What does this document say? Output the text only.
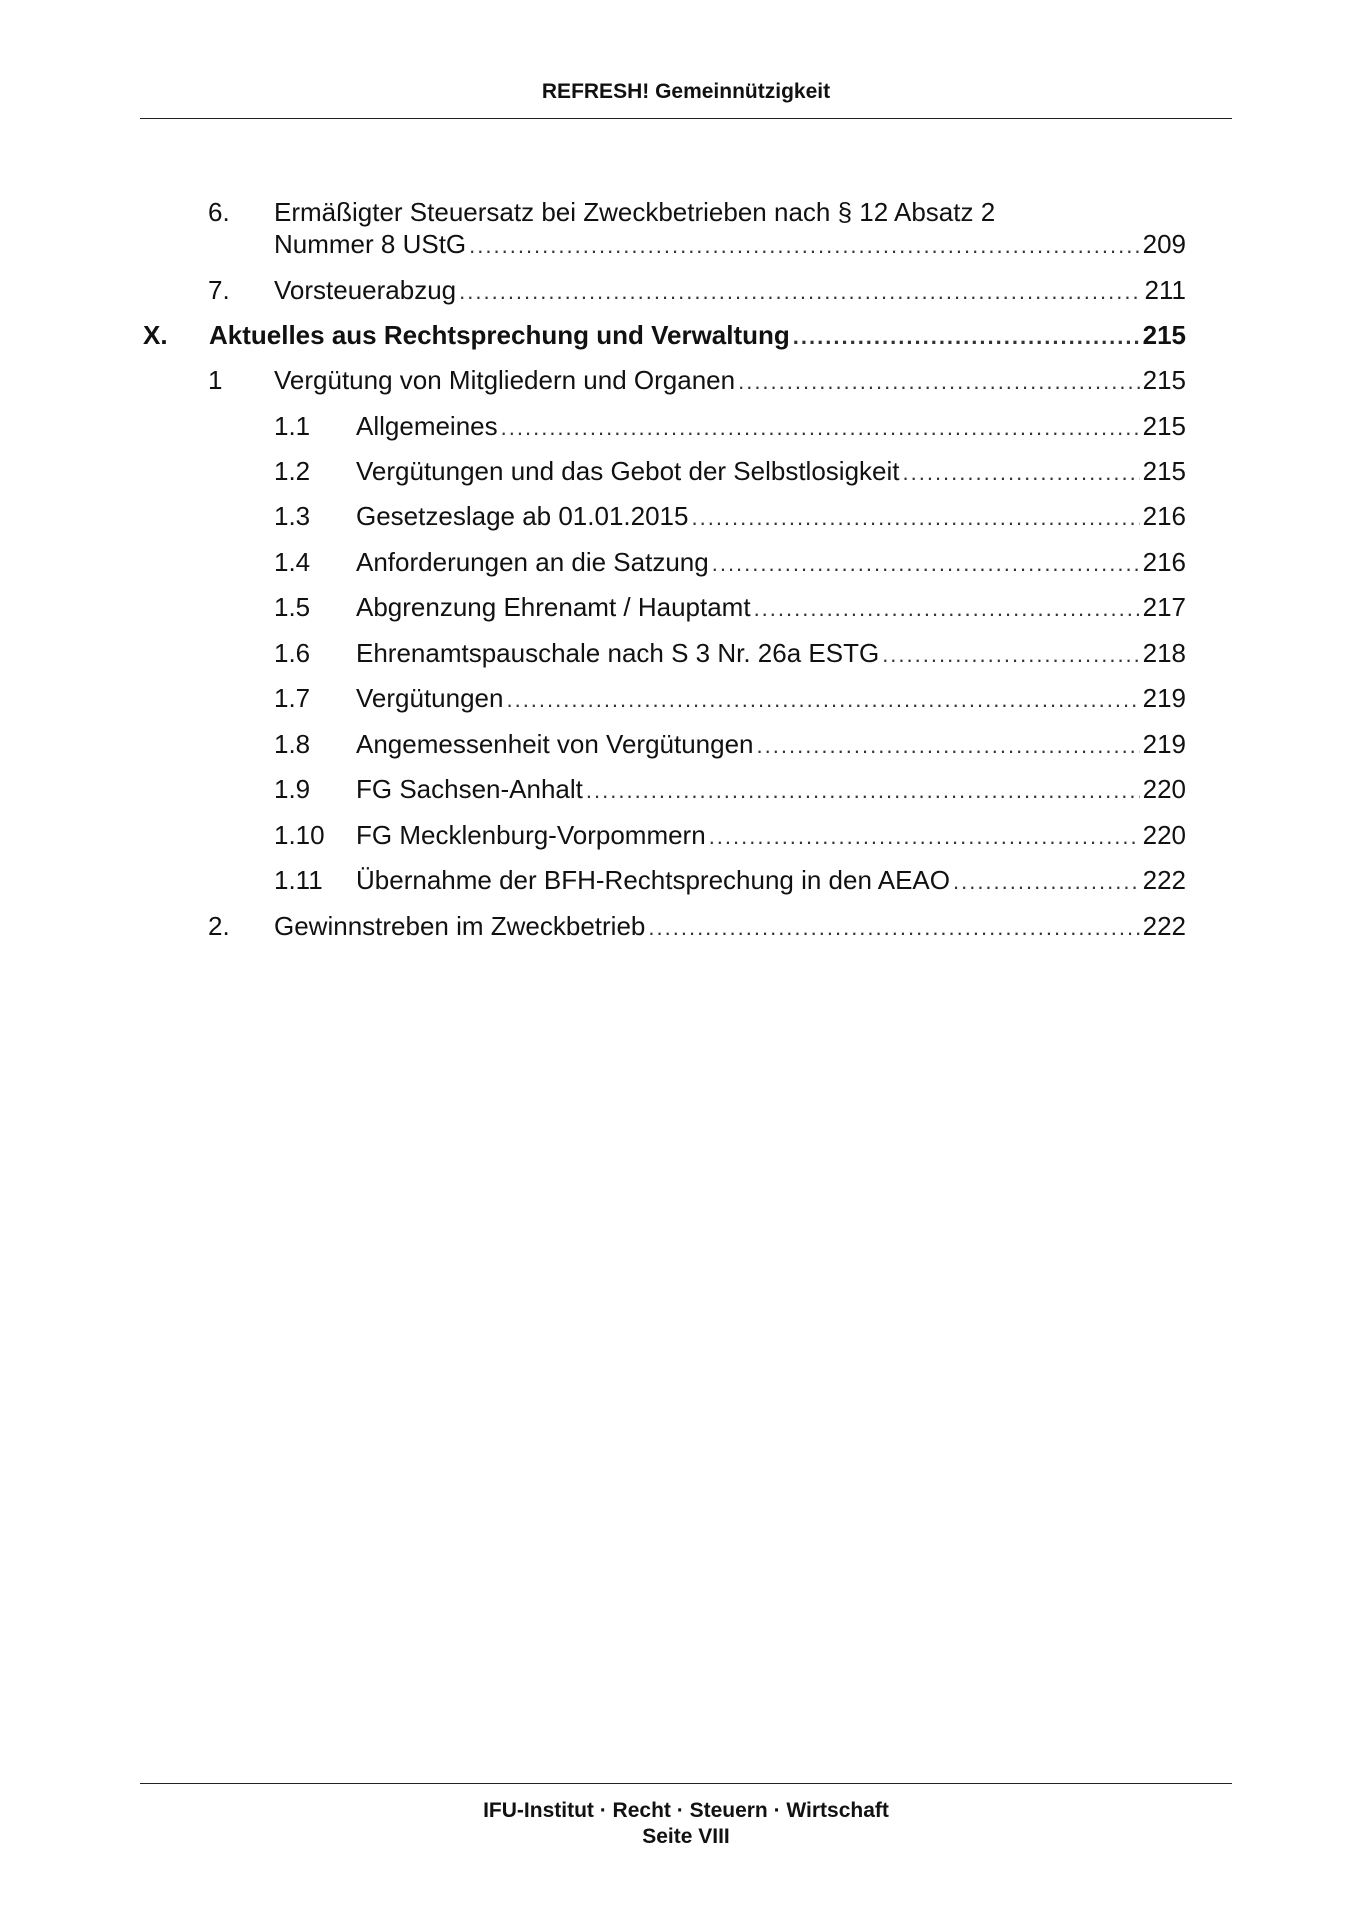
REFRESH! Gemeinnützigkeit
6. Ermäßigter Steuersatz bei Zweckbetrieben nach § 12 Absatz 2
Nummer 8 UStG .....	209
7. Vorsteuerabzug .....	211
X. Aktuelles aus Rechtsprechung und Verwaltung .....	215
1 Vergütung von Mitgliedern und Organen .....	215
1.1 Allgemeines .....	215
1.2 Vergütungen und das Gebot der Selbstlosigkeit .....	215
1.3 Gesetzeslage ab 01.01.2015 .....	216
1.4 Anforderungen an die Satzung .....	216
1.5 Abgrenzung Ehrenamt / Hauptamt .....	217
1.6 Ehrenamtspauschale nach S 3 Nr. 26a ESTG .....	218
1.7 Vergütungen .....	219
1.8 Angemessenheit von Vergütungen .....	219
1.9 FG Sachsen-Anhalt .....	220
1.10 FG Mecklenburg-Vorpommern .....	220
1.11 Übernahme der BFH-Rechtsprechung in den AEAO .....	222
2. Gewinnstreben im Zweckbetrieb .....	222
IFU-Institut · Recht · Steuern · Wirtschaft
Seite VIII
